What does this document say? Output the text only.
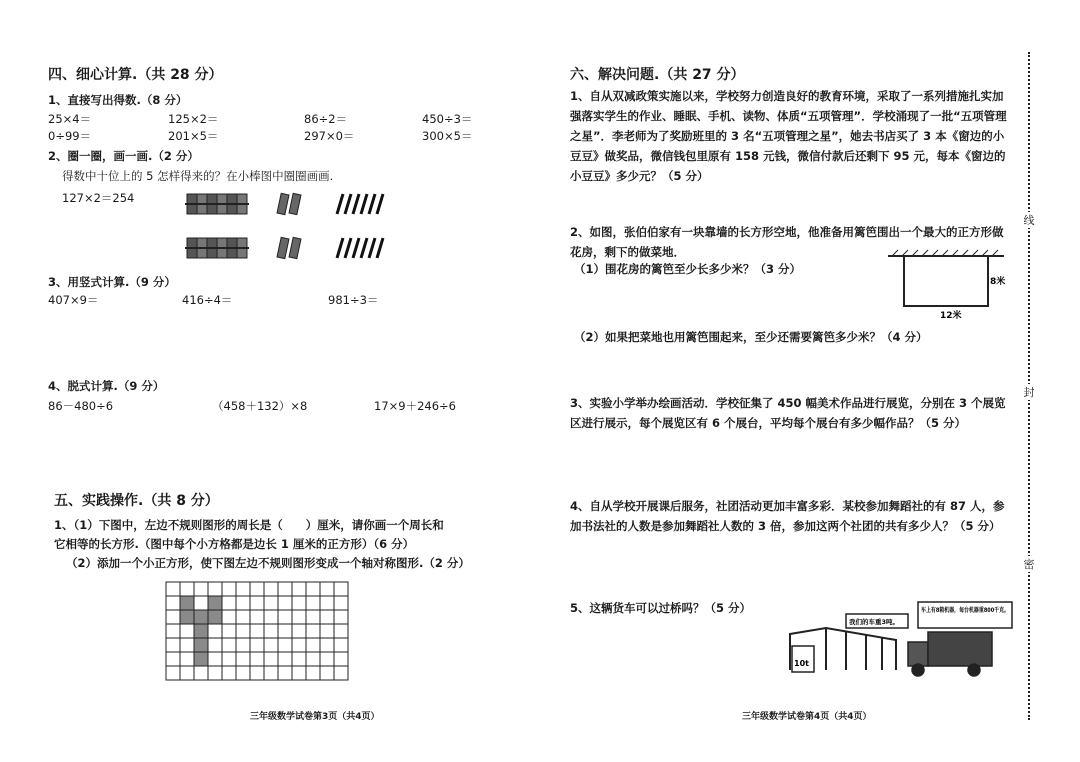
四、细心计算.（共 28 分）
1、直接写出得数.（8 分）
25×4＝	125×2＝	86÷2＝	450÷3＝
0÷99＝	201×5＝	297×0＝	300×5＝
2、圈一圈，画一画.（2 分）
得数中十位上的 5 怎样得来的？在小棒图中圈圈画画.
127×2＝254
3、用竖式计算.（9 分）
407×9＝	416÷4＝	981÷3＝
4、脱式计算.（9 分）
86－480÷6	（458＋132）×8	17×9＋246÷6
五、实践操作.（共 8 分）
1、（1）下图中，左边不规则图形的周长是（　　）厘米，请你画一个周长和
它相等的长方形.（图中每个小方格都是边长 1 厘米的正方形）（6 分）
（2）添加一个小正方形，使下图左边不规则图形变成一个轴对称图形.（2 分）
三年级数学试卷第3页（共4页）
六、解决问题.（共 27 分）
1、自从双减政策实施以来，学校努力创造良好的教育环境，采取了一系列措施扎实加强落实学生的作业、睡眠、手机、读物、体质“五项管理”．学校涌现了一批“五项管理之星”．李老师为了奖励班里的 3 名“五项管理之星”，她去书店买了 3 本《窗边的小豆豆》做奖品，微信钱包里原有 158 元钱，微信付款后还剩下 95 元，每本《窗边的小豆豆》多少元？（5 分）
2、如图，张伯伯家有一块靠墙的长方形空地，他准备用篱笆围出一个最大的正方形做花房，剩下的做菜地．
（1）围花房的篱笆至少长多少米？（3 分）
8米
12米
（2）如果把菜地也用篱笆围起来，至少还需要篱笆多少米？（4 分）
3、实验小学举办绘画活动．学校征集了 450 幅美术作品进行展览，分别在 3 个展览区进行展示，每个展览区有 6 个展台，平均每个展台有多少幅作品？（5 分）
4、自从学校开展课后服务，社团活动更加丰富多彩．某校参加舞蹈社的有 87 人，参加书法社的人数是参加舞蹈社人数的 3 倍，参加这两个社团的共有多少人？（5 分）
5、这辆货车可以过桥吗？（5 分）
10t
我们的车重3吨。
车上有8箱机器，每台机器重800千克。
三年级数学试卷第4页（共4页）
线
封
密
